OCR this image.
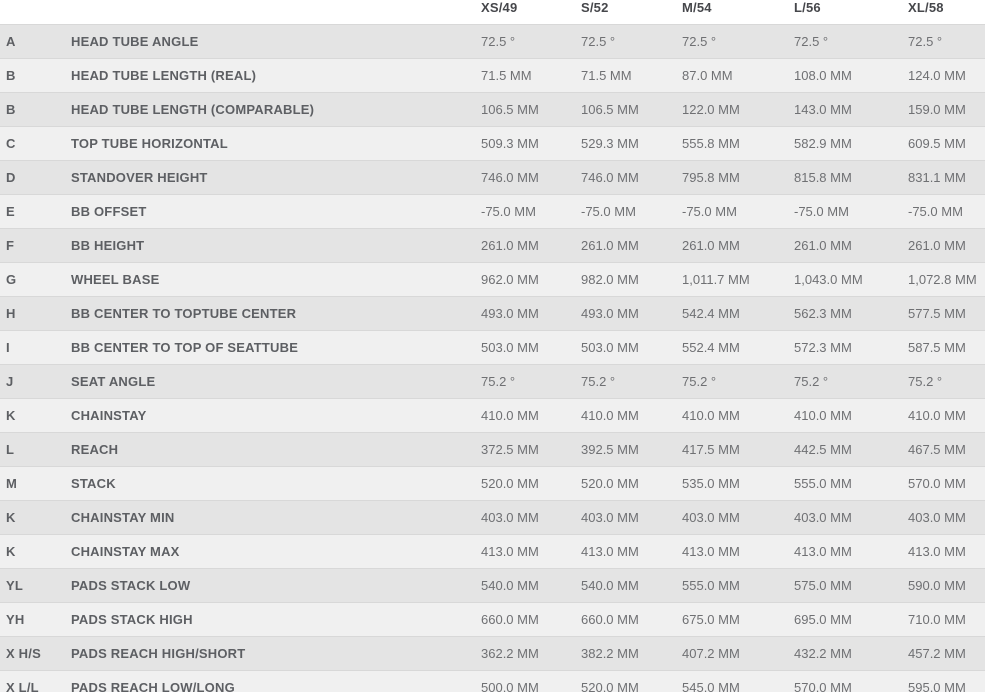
		XS/49	S/52	M/54	L/56	XL/58
A	HEAD TUBE ANGLE	72.5 °	72.5 °	72.5 °	72.5 °	72.5 °
B	HEAD TUBE LENGTH (REAL)	71.5 MM	71.5 MM	87.0 MM	108.0 MM	124.0 MM
B	HEAD TUBE LENGTH (COMPARABLE)	106.5 MM	106.5 MM	122.0 MM	143.0 MM	159.0 MM
C	TOP TUBE HORIZONTAL	509.3 MM	529.3 MM	555.8 MM	582.9 MM	609.5 MM
D	STANDOVER HEIGHT	746.0 MM	746.0 MM	795.8 MM	815.8 MM	831.1 MM
E	BB OFFSET	-75.0 MM	-75.0 MM	-75.0 MM	-75.0 MM	-75.0 MM
F	BB HEIGHT	261.0 MM	261.0 MM	261.0 MM	261.0 MM	261.0 MM
G	WHEEL BASE	962.0 MM	982.0 MM	1,011.7 MM	1,043.0 MM	1,072.8 MM
H	BB CENTER TO TOPTUBE CENTER	493.0 MM	493.0 MM	542.4 MM	562.3 MM	577.5 MM
I	BB CENTER TO TOP OF SEATTUBE	503.0 MM	503.0 MM	552.4 MM	572.3 MM	587.5 MM
J	SEAT ANGLE	75.2 °	75.2 °	75.2 °	75.2 °	75.2 °
K	CHAINSTAY	410.0 MM	410.0 MM	410.0 MM	410.0 MM	410.0 MM
L	REACH	372.5 MM	392.5 MM	417.5 MM	442.5 MM	467.5 MM
M	STACK	520.0 MM	520.0 MM	535.0 MM	555.0 MM	570.0 MM
K	CHAINSTAY MIN	403.0 MM	403.0 MM	403.0 MM	403.0 MM	403.0 MM
K	CHAINSTAY MAX	413.0 MM	413.0 MM	413.0 MM	413.0 MM	413.0 MM
YL	PADS STACK LOW	540.0 MM	540.0 MM	555.0 MM	575.0 MM	590.0 MM
YH	PADS STACK HIGH	660.0 MM	660.0 MM	675.0 MM	695.0 MM	710.0 MM
X H/S	PADS REACH HIGH/SHORT	362.2 MM	382.2 MM	407.2 MM	432.2 MM	457.2 MM
X L/L	PADS REACH LOW/LONG	500.0 MM	520.0 MM	545.0 MM	570.0 MM	595.0 MM
